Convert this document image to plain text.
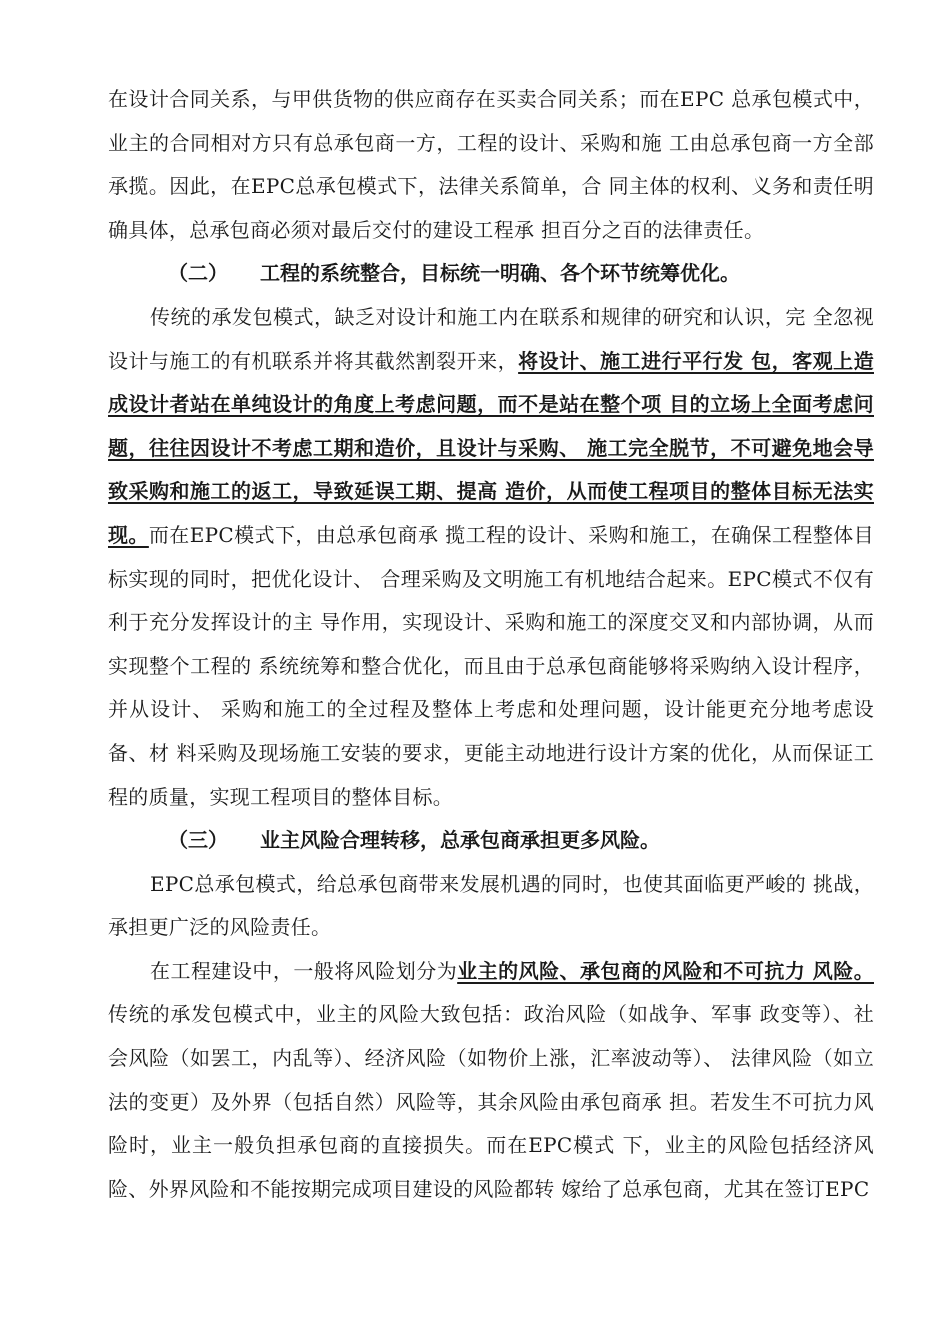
在设计合同关系，与甲供货物的供应商存在买卖合同关系；而在EPC 总承包模式中，业主的合同相对方只有总承包商一方，工程的设计、采购和施 工由总承包商一方全部承揽。因此，在EPC总承包模式下，法律关系简单，合 同主体的权利、义务和责任明确具体，总承包商必须对最后交付的建设工程承 担百分之百的法律责任。

（二） 工程的系统整合，目标统一明确、各个环节统筹优化。

传统的承发包模式，缺乏对设计和施工内在联系和规律的研究和认识，完 全忽视设计与施工的有机联系并将其截然割裂开来，将设计、施工进行平行发 包，客观上造成设计者站在单纯设计的角度上考虑问题，而不是站在整个项 目的立场上全面考虑问题，往往因设计不考虑工期和造价，且设计与采购、 施工完全脱节，不可避免地会导致采购和施工的返工，导致延误工期、提高 造价，从而使工程项目的整体目标无法实现。而在EPC模式下，由总承包商承 揽工程的设计、采购和施工，在确保工程整体目标实现的同时，把优化设计、 合理采购及文明施工有机地结合起来。EPC模式不仅有利于充分发挥设计的主 导作用，实现设计、采购和施工的深度交叉和内部协调，从而实现整个工程的 系统统筹和整合优化，而且由于总承包商能够将采购纳入设计程序，并从设计、 采购和施工的全过程及整体上考虑和处理问题，设计能更充分地考虑设备、材 料采购及现场施工安装的要求，更能主动地进行设计方案的优化，从而保证工程的质量，实现工程项目的整体目标。

（三） 业主风险合理转移，总承包商承担更多风险。

EPC总承包模式，给总承包商带来发展机遇的同时，也使其面临更严峻的 挑战，承担更广泛的风险责任。

在工程建设中，一般将风险划分为业主的风险、承包商的风险和不可抗力 风险。传统的承发包模式中，业主的风险大致包括：政治风险（如战争、军事 政变等）、社会风险（如罢工，内乱等）、经济风险（如物价上涨，汇率波动等）、 法律风险（如立法的变更）及外界（包括自然）风险等，其余风险由承包商承 担。若发生不可抗力风险时，业主一般负担承包商的直接损失。而在EPC模式 下，业主的风险包括经济风险、外界风险和不能按期完成项目建设的风险都转 嫁给了总承包商，尤其在签订EPC
